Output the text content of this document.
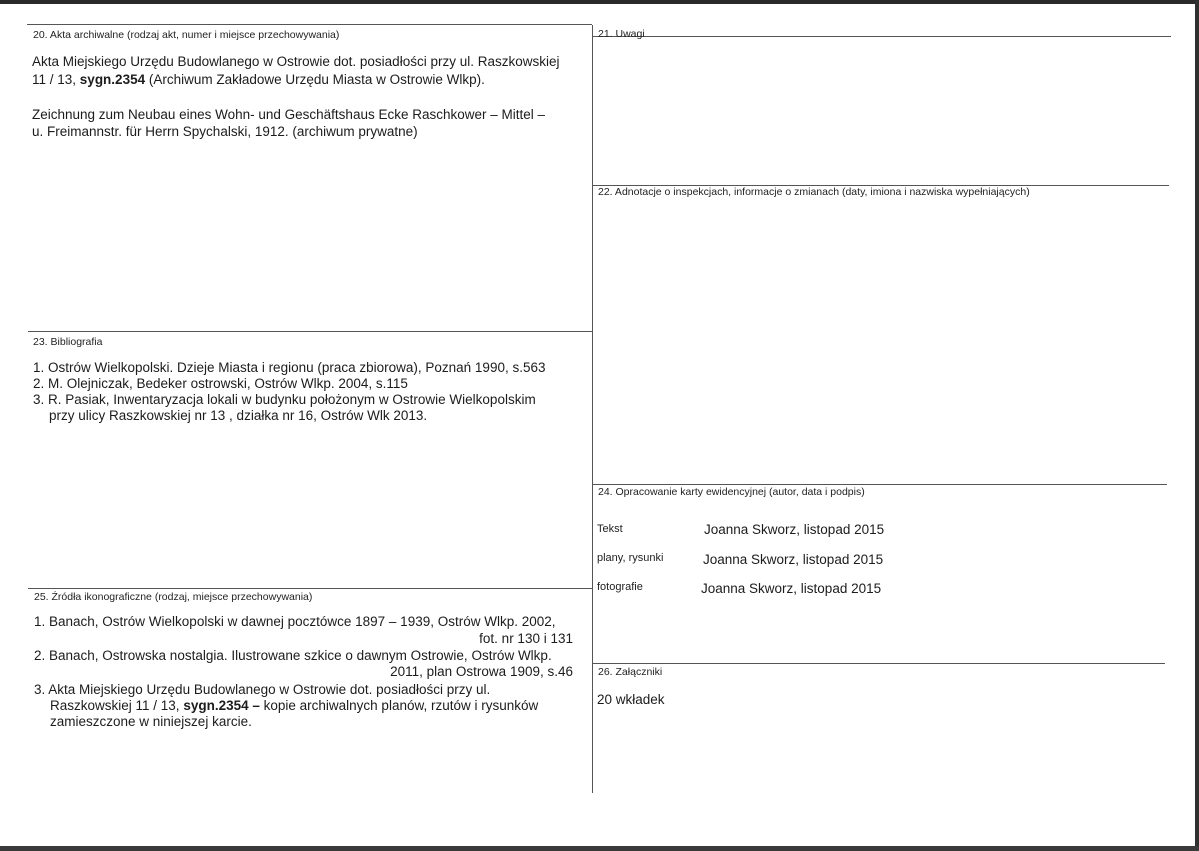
20. Akta archiwalne (rodzaj akt, numer i miejsce przechowywania)
Akta Miejskiego Urzędu Budowlanego w Ostrowie dot. posiadłości przy ul. Raszkowskiej
11 / 13, sygn.2354 (Archiwum Zakładowe Urzędu Miasta w Ostrowie Wlkp).
Zeichnung zum Neubau eines Wohn- und Geschäftshaus Ecke Raschkower – Mittel –
u. Freimannstr. für Herrn Spychalski, 1912. (archiwum prywatne)
21. Uwagi
22. Adnotacje o inspekcjach, informacje o zmianach (daty, imiona i nazwiska wypełniających)
23. Bibliografia
1. Ostrów Wielkopolski. Dzieje Miasta i regionu (praca zbiorowa), Poznań 1990, s.563
2. M. Olejniczak, Bedeker ostrowski, Ostrów Wlkp. 2004, s.115
3. R. Pasiak, Inwentaryzacja lokali w budynku położonym w Ostrowie Wielkopolskim
przy ulicy Raszkowskiej nr 13 , działka nr 16, Ostrów Wlk 2013.
24. Opracowanie karty ewidencyjnej (autor, data i podpis)
Tekst	Joanna Skworz, listopad 2015
plany, rysunki	Joanna Skworz, listopad 2015
fotografie	Joanna Skworz, listopad 2015
25. Źródła ikonograficzne (rodzaj, miejsce przechowywania)
1. Banach, Ostrów Wielkopolski w dawnej pocztówce 1897 – 1939, Ostrów Wlkp. 2002,
fot. nr 130 i 131
2. Banach, Ostrowska nostalgia. Ilustrowane szkice o dawnym Ostrowie, Ostrów Wlkp.
2011, plan Ostrowa 1909, s.46
3. Akta Miejskiego Urzędu Budowlanego w Ostrowie dot. posiadłości przy ul.
Raszkowskiej 11 / 13, sygn.2354 – kopie archiwalnych planów, rzutów i rysunków
zamieszczone w niniejszej karcie.
26. Załączniki
20 wkładek
